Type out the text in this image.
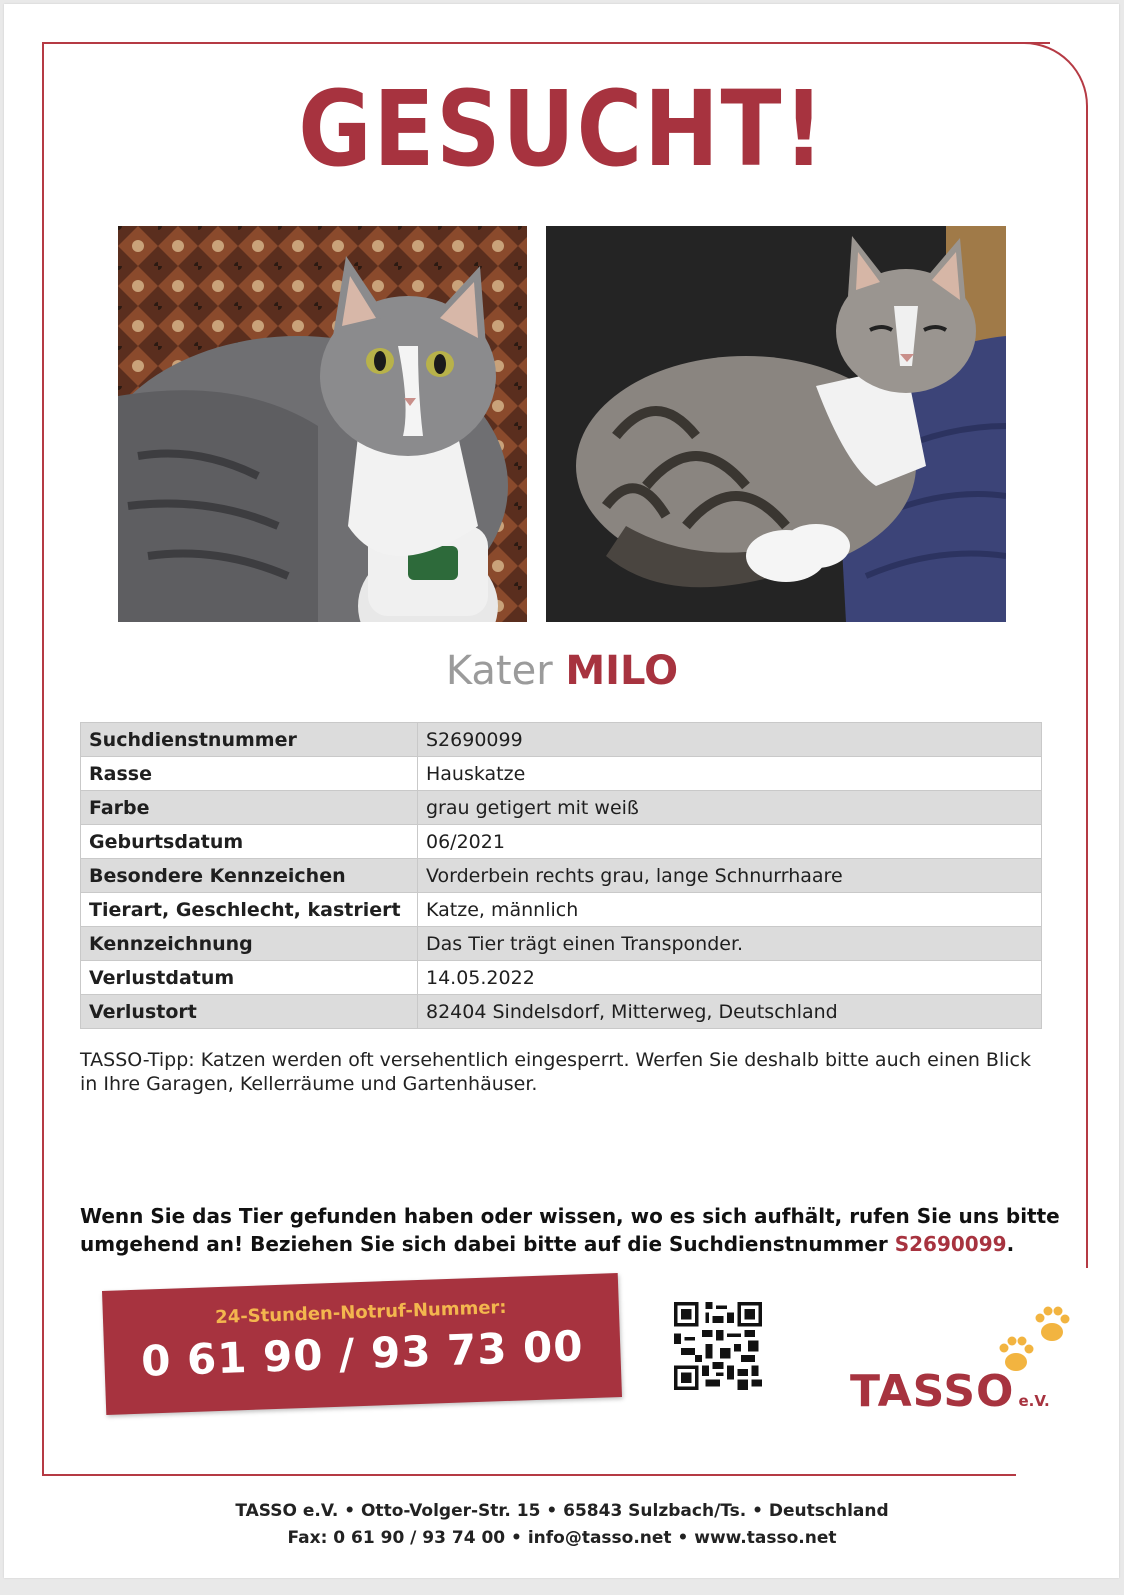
GESUCHT!
Kater MILO
Suchdienstnummer	S2690099
Rasse	Hauskatze
Farbe	grau getigert mit weiß
Geburtsdatum	06/2021
Besondere Kennzeichen	Vorderbein rechts grau, lange Schnurrhaare
Tierart, Geschlecht, kastriert	Katze, männlich
Kennzeichnung	Das Tier trägt einen Transponder.
Verlustdatum	14.05.2022
Verlustort	82404 Sindelsdorf, Mitterweg, Deutschland
TASSO-Tipp: Katzen werden oft versehentlich eingesperrt. Werfen Sie deshalb bitte auch einen Blick in Ihre Garagen, Kellerräume und Gartenhäuser.
Wenn Sie das Tier gefunden haben oder wissen, wo es sich aufhält, rufen Sie uns bitte umgehend an! Beziehen Sie sich dabei bitte auf die Suchdienstnummer S2690099.
24-Stunden-Notruf-Nummer:
0 61 90 / 93 73 00
TASSO e.V.
TASSO e.V. • Otto-Volger-Str. 15 • 65843 Sulzbach/Ts. • Deutschland
Fax: 0 61 90 / 93 74 00 • info@tasso.net • www.tasso.net
